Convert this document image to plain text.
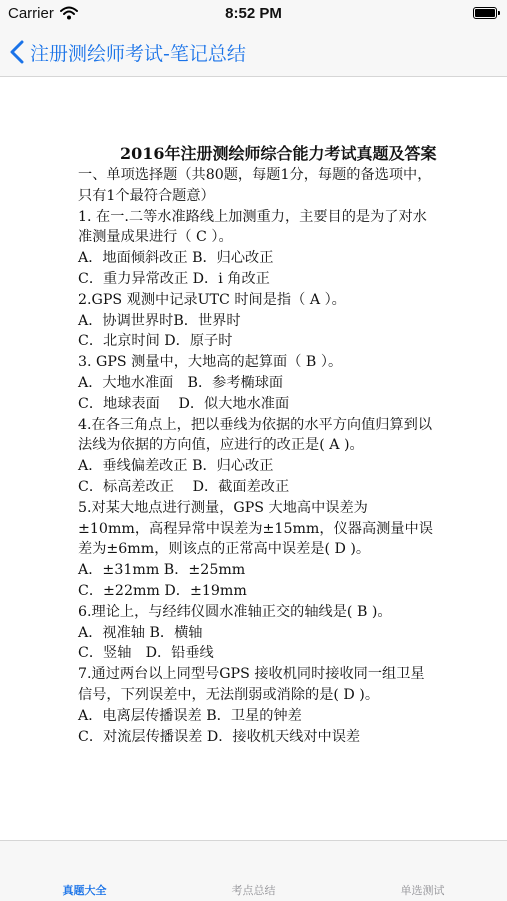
Carrier	8:52 PM
注册测绘师考试-笔记总结
2016年注册测绘师综合能力考试真题及答案
一、单项选择题（共80题，每题1分，每题的备选项中，只有1个最符合题意）
1. 在一.二等水准路线上加测重力，主要目的是为了对水准测量成果进行（ C ）。
A．地面倾斜改正 B．归心改正
C．重力异常改正 D．i 角改正
2.GPS 观测中记录UTC 时间是指（ A ）。
A．协调世界时B．世界时
C．北京时间 D．原子时
3. GPS 测量中，大地高的起算面（ B ）。
A．大地水准面　B．参考椭球面
C．地球表面　 D．似大地水准面
4.在各三角点上，把以垂线为依据的水平方向值归算到以法线为依据的方向值，应进行的改正是( A )。
A．垂线偏差改正 B．归心改正
C．标高差改正　 D．截面差改正
5.对某大地点进行测量，GPS 大地高中误差为±10mm，高程异常中误差为±15mm，仪器高测量中误差为±6mm，则该点的正常高中误差是( D )。
A．±31mm B．±25mm
C．±22mm D．±19mm
6.理论上，与经纬仪圆水准轴正交的轴线是( B )。
A．视准轴 B．横轴
C．竖轴　D．铅垂线
7.通过两台以上同型号GPS 接收机同时接收同一组卫星信号，下列误差中，无法削弱或消除的是( D )。
A．电离层传播误差 B．卫星的钟差
C．对流层传播误差 D．接收机天线对中误差
真题大全	考点总结	单选测试
